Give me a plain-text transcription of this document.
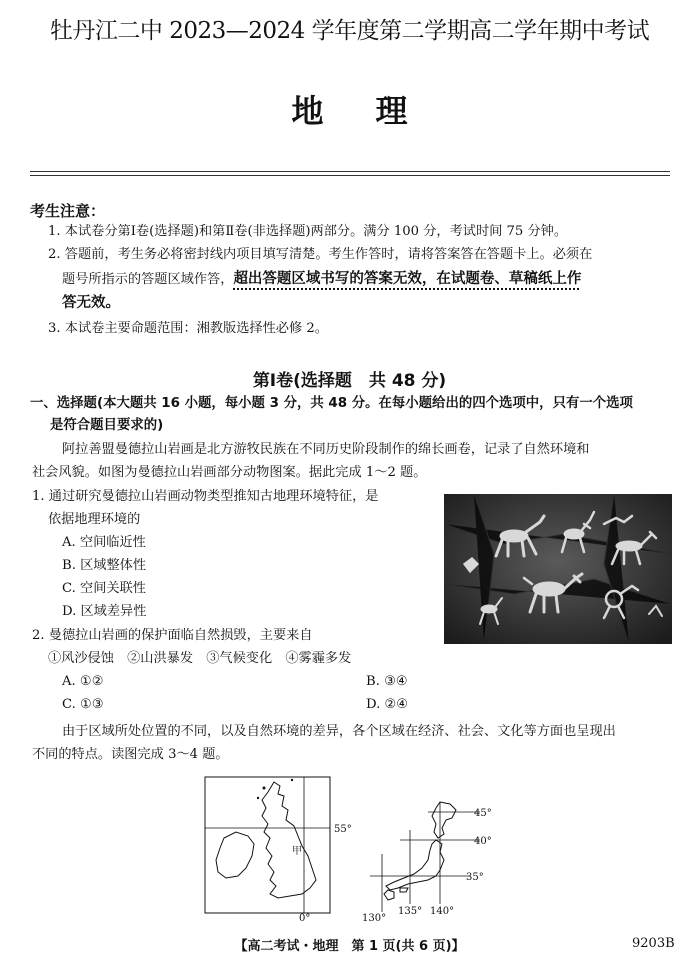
牡丹江二中 2023—2024 学年度第二学期高二学年期中考试
地理
考生注意：
1. 本试卷分第Ⅰ卷(选择题)和第Ⅱ卷(非选择题)两部分。满分 100 分，考试时间 75 分钟。
2. 答题前，考生务必将密封线内项目填写清楚。考生作答时，请将答案答在答题卡上。必须在
题号所指示的答题区域作答，超出答题区域书写的答案无效，在试题卷、草稿纸上作
答无效。
3. 本试卷主要命题范围：湘教版选择性必修 2。
第Ⅰ卷(选择题　共 48 分)
一、选择题(本大题共 16 小题，每小题 3 分，共 48 分。在每小题给出的四个选项中，只有一个选项
是符合题目要求的)
阿拉善盟曼德拉山岩画是北方游牧民族在不同历史阶段制作的绵长画卷，记录了自然环境和
社会风貌。如图为曼德拉山岩画部分动物图案。据此完成 1～2 题。
1. 通过研究曼德拉山岩画动物类型推知古地理环境特征，是
依据地理环境的
A. 空间临近性
B. 区域整体性
C. 空间关联性
D. 区域差异性
2. 曼德拉山岩画的保护面临自然损毁，主要来自
①风沙侵蚀　②山洪暴发　③气候变化　④雾霾多发
A. ①②	B. ③④
C. ①③	D. ②④
由于区域所处位置的不同，以及自然环境的差异，各个区域在经济、社会、文化等方面也呈现出
不同的特点。读图完成 3～4 题。
甲
55°
0°
45°
40°
35°
130°
135° 140°
【高二考试・地理　第 1 页(共 6 页)】	9203B
